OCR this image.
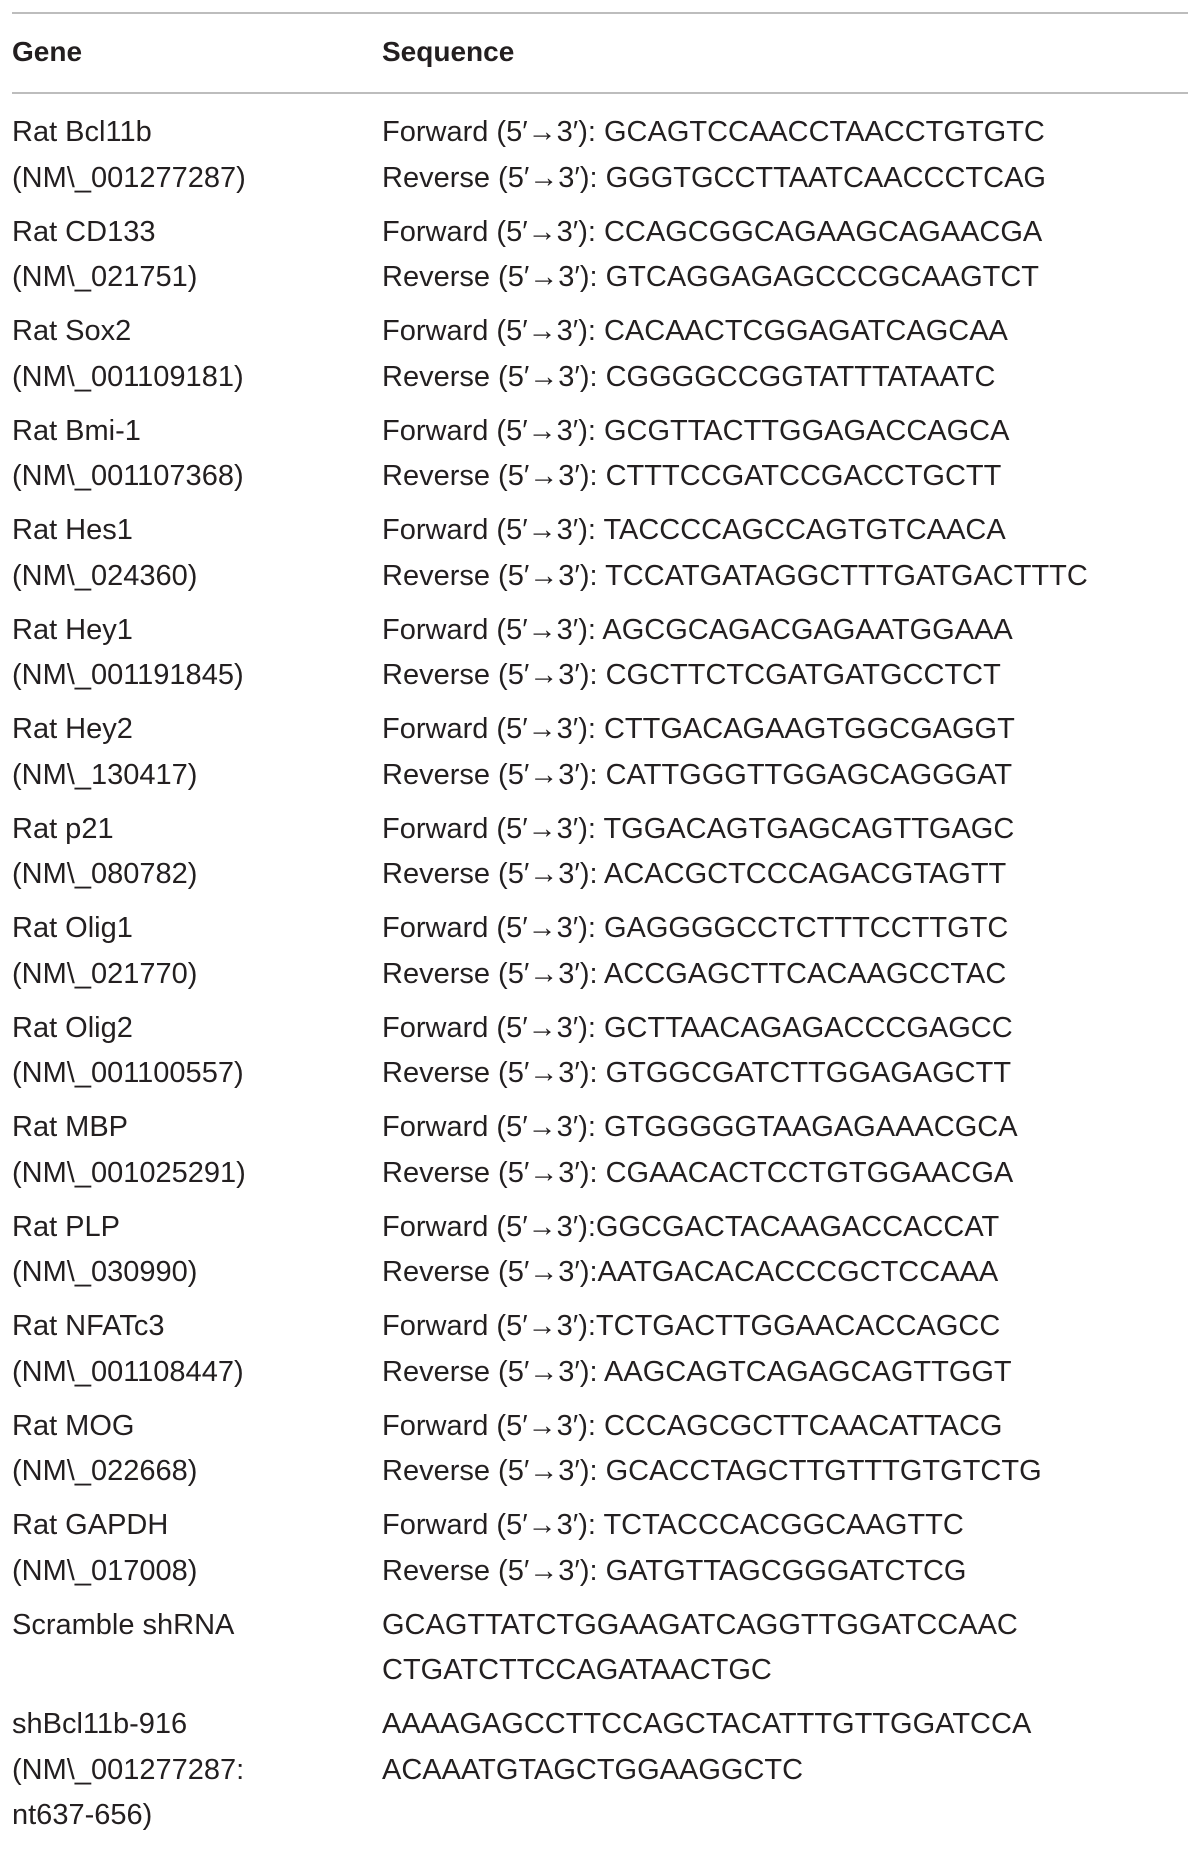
Gene	Sequence
Rat Bcl11b
(NM\_001277287)
Forward (5′→3′): GCAGTCCAACCTAACCTGTGTC
Reverse (5′→3′): GGGTGCCTTAATCAACCCTCAG
Rat CD133
(NM\_021751)
Forward (5′→3′): CCAGCGGCAGAAGCAGAACGA
Reverse (5′→3′): GTCAGGAGAGCCCGCAAGTCT
Rat Sox2
(NM\_001109181)
Forward (5′→3′): CACAACTCGGAGATCAGCAA
Reverse (5′→3′): CGGGGCCGGTATTTATAATC
Rat Bmi-1
(NM\_001107368)
Forward (5′→3′): GCGTTACTTGGAGACCAGCA
Reverse (5′→3′): CTTTCCGATCCGACCTGCTT
Rat Hes1
(NM\_024360)
Forward (5′→3′): TACCCCAGCCAGTGTCAACA
Reverse (5′→3′): TCCATGATAGGCTTTGATGACTTTC
Rat Hey1
(NM\_001191845)
Forward (5′→3′): AGCGCAGACGAGAATGGAAA
Reverse (5′→3′): CGCTTCTCGATGATGCCTCT
Rat Hey2
(NM\_130417)
Forward (5′→3′): CTTGACAGAAGTGGCGAGGT
Reverse (5′→3′): CATTGGGTTGGAGCAGGGAT
Rat p21
(NM\_080782)
Forward (5′→3′): TGGACAGTGAGCAGTTGAGC
Reverse (5′→3′): ACACGCTCCCAGACGTAGTT
Rat Olig1
(NM\_021770)
Forward (5′→3′): GAGGGGCCTCTTTCCTTGTC
Reverse (5′→3′): ACCGAGCTTCACAAGCCTAC
Rat Olig2
(NM\_001100557)
Forward (5′→3′): GCTTAACAGAGACCCGAGCC
Reverse (5′→3′): GTGGCGATCTTGGAGAGCTT
Rat MBP
(NM\_001025291)
Forward (5′→3′): GTGGGGGTAAGAGAAACGCA
Reverse (5′→3′): CGAACACTCCTGTGGAACGA
Rat PLP
(NM\_030990)
Forward (5′→3′):GGCGACTACAAGACCACCAT
Reverse (5′→3′):AATGACACACCCGCTCCAAA
Rat NFATc3
(NM\_001108447)
Forward (5′→3′):TCTGACTTGGAACACCAGCC
Reverse (5′→3′): AAGCAGTCAGAGCAGTTGGT
Rat MOG
(NM\_022668)
Forward (5′→3′): CCCAGCGCTTCAACATTACG
Reverse (5′→3′): GCACCTAGCTTGTTTGTGTCTG
Rat GAPDH
(NM\_017008)
Forward (5′→3′): TCTACCCACGGCAAGTTC
Reverse (5′→3′): GATGTTAGCGGGATCTCG
Scramble shRNA	GCAGTTATCTGGAAGATCAGGTTGGATCCAAC
CTGATCTTCCAGATAACTGC
shBcl11b-916
(NM\_001277287:
nt637-656)
AAAAGAGCCTTCCAGCTACATTTGTTGGATCCA
ACAAATGTAGCTGGAAGGCTC
